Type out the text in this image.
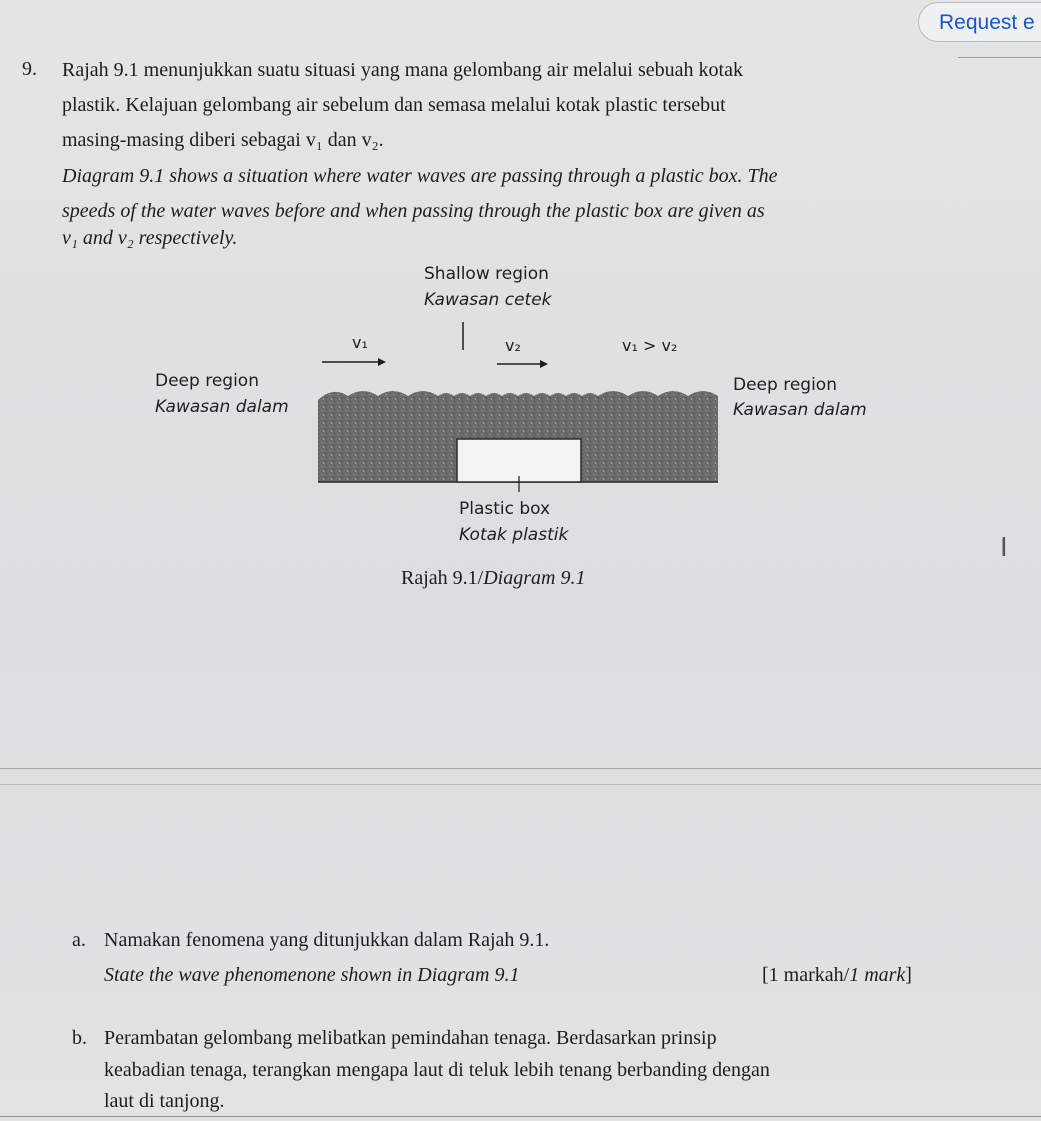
Request e
9. Rajah 9.1 menunjukkan suatu situasi yang mana gelombang air melalui sebuah kotak
plastik. Kelajuan gelombang air sebelum dan semasa melalui kotak plastic tersebut
masing-masing diberi sebagai v₁ dan v₂.
Diagram 9.1 shows a situation where water waves are passing through a plastic box. The
speeds of the water waves before and when passing through the plastic box are given as
v₁ and v₂ respectively.
Shallow region
Kawasan cetek
v₁	v₂	v₁ > v₂
Deep region
Kawasan dalam
Deep region
Kawasan dalam
Plastic box
Kotak plastik
Rajah 9.1/Diagram 9.1
I
a. Namakan fenomena yang ditunjukkan dalam Rajah 9.1.
State the wave phenomenone shown in Diagram 9.1	[1 markah/1 mark]
b. Perambatan gelombang melibatkan pemindahan tenaga. Berdasarkan prinsip
keabadian tenaga, terangkan mengapa laut di teluk lebih tenang berbanding dengan
laut di tanjong.
